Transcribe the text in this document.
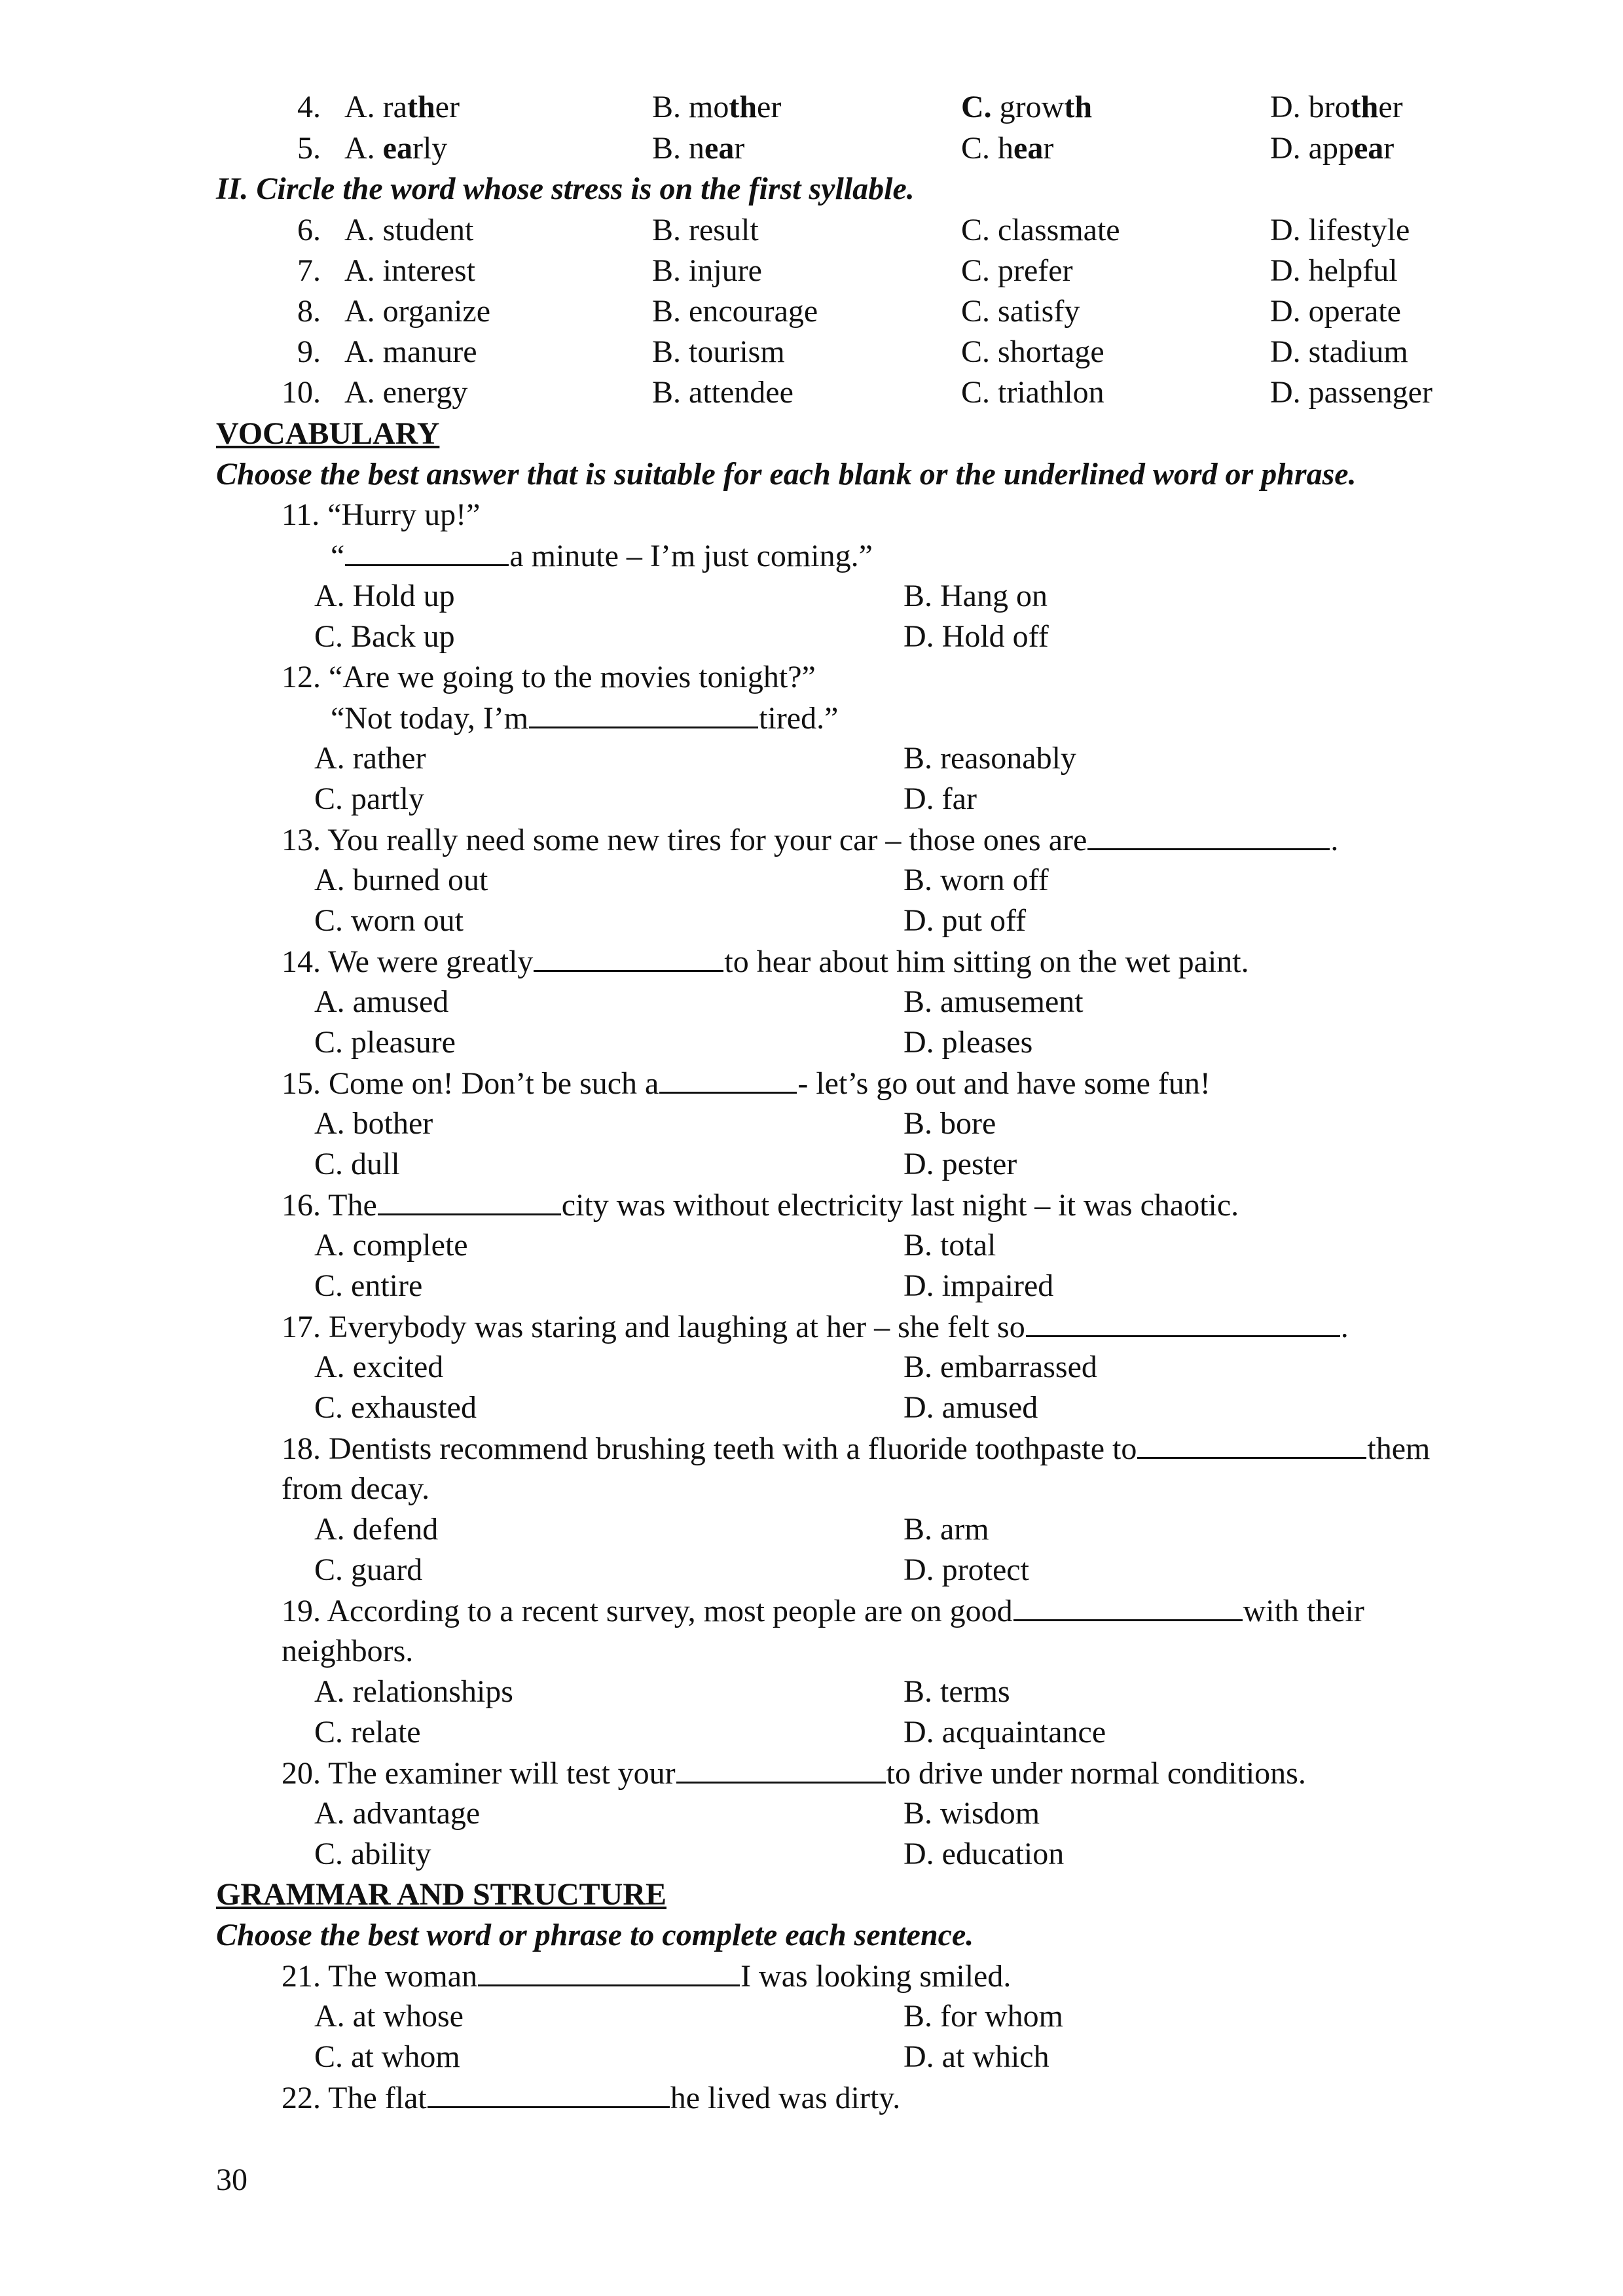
4. A. rather	B. mother	C. growth	D. brother
5. A. early	B. near	C. hear	D. appear
II. Circle the word whose stress is on the first syllable.
6. A. student	B. result	C. classmate	D. lifestyle
7. A. interest	B. injure	C. prefer	D. helpful
8. A. organize	B. encourage	C. satisfy	D. operate
9. A. manure	B. tourism	C. shortage	D. stadium
10. A. energy	B. attendee	C. triathlon	D. passenger
VOCABULARY
Choose the best answer that is suitable for each blank or the underlined word or phrase.
11. “Hurry up!”
“	a minute – I’m just coming.”
A. Hold up	B. Hang on
C. Back up	D. Hold off
12. “Are we going to the movies tonight?”
“Not today, I’m	tired.”
A. rather	B. reasonably
C. partly	D. far
13. You really need some new tires for your car – those ones are	.
A. burned out	B. worn off
C. worn out	D. put off
14. We were greatly	to hear about him sitting on the wet paint.
A. amused	B. amusement
C. pleasure	D. pleases
15. Come on! Don’t be such a	- let’s go out and have some fun!
A. bother	B. bore
C. dull	D. pester
16. The	city was without electricity last night – it was chaotic.
A. complete	B. total
C. entire	D. impaired
17. Everybody was staring and laughing at her – she felt so	.
A. excited	B. embarrassed
C. exhausted	D. amused
18. Dentists recommend brushing teeth with a fluoride toothpaste to	them
from decay.
A. defend	B. arm
C. guard	D. protect
19. According to a recent survey, most people are on good	with their
neighbors.
A. relationships	B. terms
C. relate	D. acquaintance
20. The examiner will test your	to drive under normal conditions.
A. advantage	B. wisdom
C. ability	D. education
GRAMMAR AND STRUCTURE
Choose the best word or phrase to complete each sentence.
21. The woman	I was looking smiled.
A. at whose	B. for whom
C. at whom	D. at which
22. The flat	he lived was dirty.
30
